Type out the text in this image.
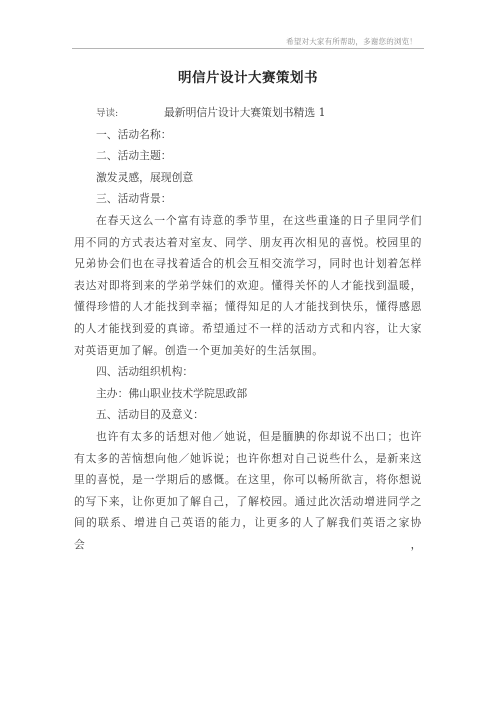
希望对大家有所帮助，多谢您的浏览！
明信片设计大赛策划书
导读:	最新明信片设计大赛策划书精选 1
一、活动名称：
二、活动主题：
激发灵感，展现创意
三、活动背景：
在春天这么一个富有诗意的季节里，在这些重逢的日子里同学们用不同的方式表达着对室友、同学、朋友再次相见的喜悦。校园里的兄弟协会们也在寻找着适合的机会互相交流学习，同时也计划着怎样表达对即将到来的学弟学妹们的欢迎。懂得关怀的人才能找到温暖，懂得珍惜的人才能找到幸福；懂得知足的人才能找到快乐，懂得感恩的人才能找到爱的真谛。希望通过不一样的活动方式和内容，让大家对英语更加了解。创造一个更加美好的生活氛围。
四、活动组织机构：
主办：佛山职业技术学院思政部
五、活动目的及意义：
也许有太多的话想对他／她说，但是腼腆的你却说不出口；也许有太多的苦恼想向他／她诉说；也许你想对自己说些什么，是新来这里的喜悦，是一学期后的感慨。在这里，你可以畅所欲言，将你想说的写下来，让你更加了解自己，了解校园。通过此次活动增进同学之间的联系、增进自己英语的能力，让更多的人了解我们英语之家协会，
